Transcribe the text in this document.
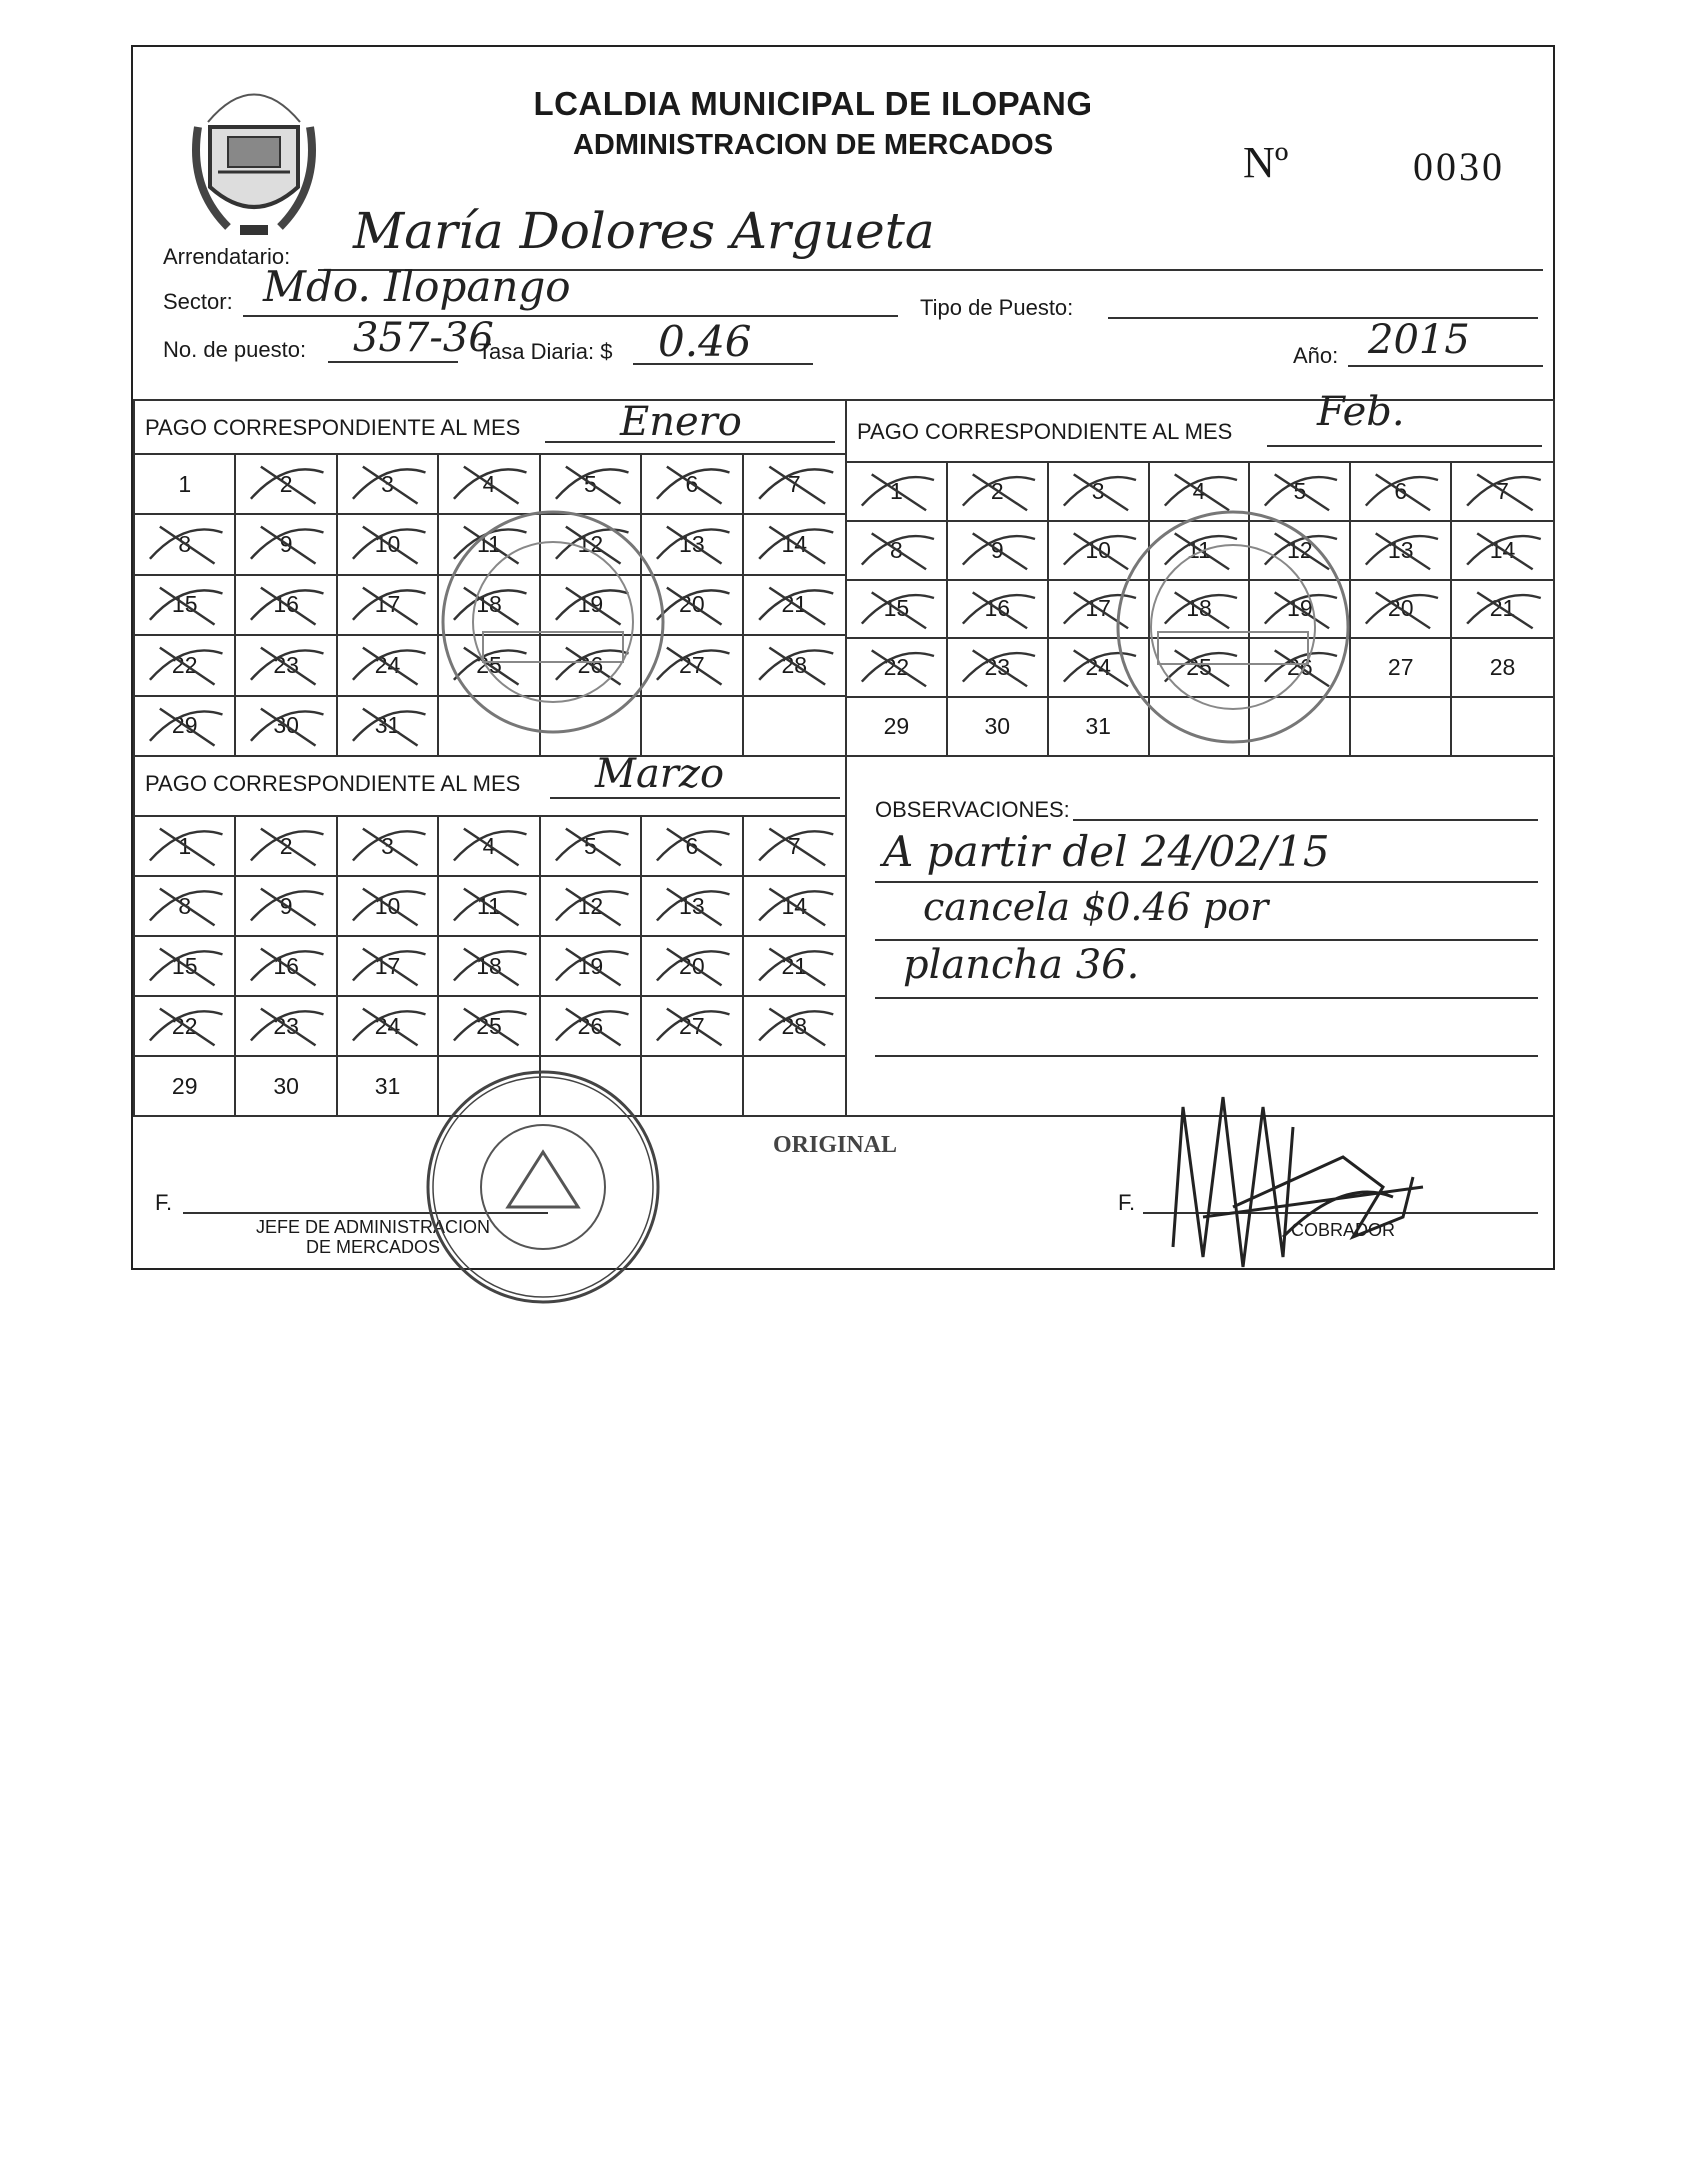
LCALDIA MUNICIPAL DE ILOPANG
ADMINISTRACION DE MERCADOS	Nº	0030
Arrendatario: María Dolores Argueta
Sector: Mdo. Ilopango	Tipo de Puesto:
No. de puesto: 357-36
Tasa Diaria: $ 0.46	Año: 2015
PAGO CORRESPONDIENTE AL MES Enero
1	2	3	4	5	6	7
8	9	10	11	12	13	14
15	16	17	18	19	20	21
22	23	24	25	26	27	28
29	30	31
PAGO CORRESPONDIENTE AL MES Feb.
1	2	3	4	5	6	7
8	9	10	11	12	13	14
15	16	17	18	19	20	21
22	23	24	25	26	27	28
29	30	31
PAGO CORRESPONDIENTE AL MES Marzo
1	2	3	4	5	6	7
8	9	10	11	12	13	14
15	16	17	18	19	20	21
22	23	24	25	26	27	28
29	30	31
OBSERVACIONES:
A partir del 24/02/15
cancela $0.46 por
plancha 36.
ORIGINAL
F.
JEFE DE ADMINISTRACION
DE MERCADOS
F.
COBRADOR
